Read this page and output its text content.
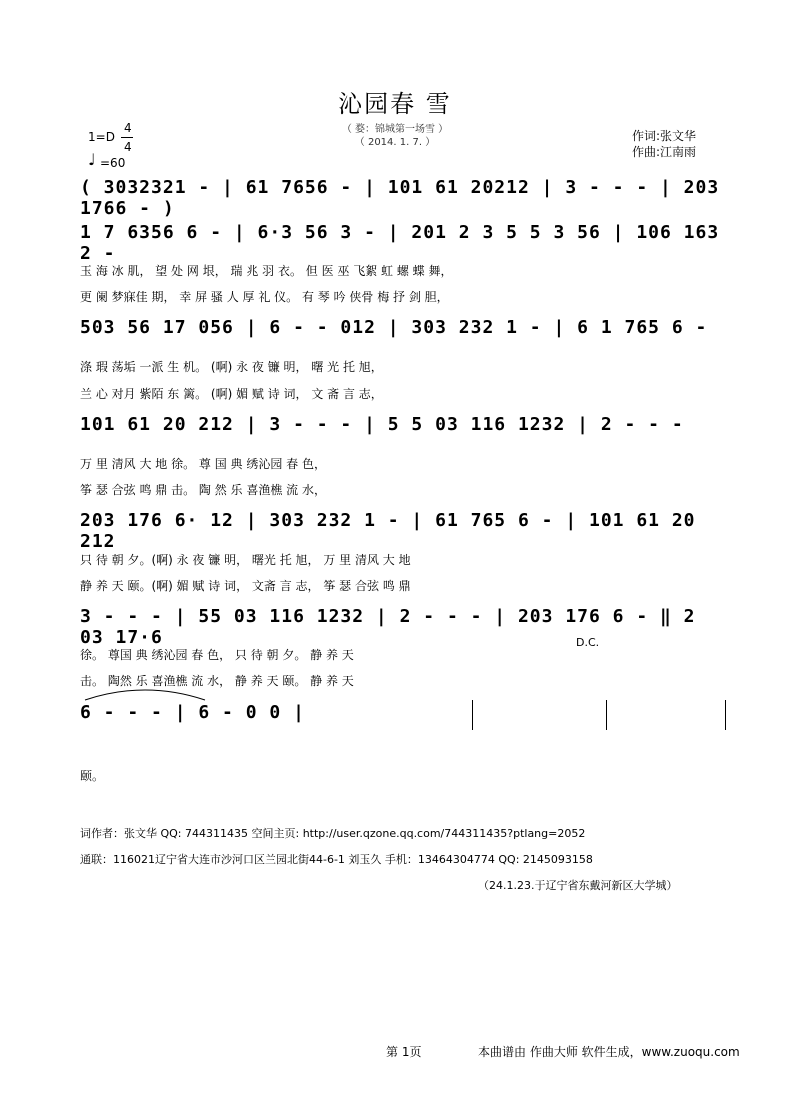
沁园春 雪
（ 婺：锦城第一场雪 ）
（ 2014. 1. 7. ）
1=D
4
4
♩ =60
作词:张文华
作曲:江南雨
( 3032321 - | 61 7656 - | 101 61 20212 | 3 - - - | 203 1766 - )
1 7 6356 6 - | 6·3 56 3 - | 201 2 3 5 5 3 56 | 106 163 2 -
玉 海 冰 肌， 望 处 网 垠， 瑞 兆 羽 衣。 但 医 巫 飞絮 虹 螺 蝶 舞，
更 阑 梦寐佳 期， 幸 屏 骚 人 厚 礼 仪。 有 琴 吟 侠骨 梅 抒 剑 胆，
503 56 17 056 | 6 - - 012 | 303 232 1 - | 6 1 765 6 -
涤 瑕 荡垢 一派 生 机。 (啊) 永 夜 镰 明， 曙 光 托 旭，
兰 心 对月 紫陌 东 篱。 (啊) 媚 赋 诗 词， 文 斋 言 志，
101 61 20 212 | 3 - - - | 5 5 03 116 1232 | 2 - - -
万 里 清风 大 地 徐。 尊 国 典 绣沁园 春 色，
筝 瑟 合弦 鸣 鼎 击。 陶 然 乐 喜渔樵 流 水，
203 176 6· 12 | 303 232 1 - | 61 765 6 - | 101 61 20 212
只 待 朝 夕。(啊) 永 夜 镰 明， 曙光 托 旭， 万 里 清风 大 地
静 养 天 颐。(啊) 媚 赋 诗 词， 文斋 言 志， 筝 瑟 合弦 鸣 鼎
3 - - - | 55 03 116 1232 | 2 - - - | 203 176 6 - ‖ 2 03 17·6	D.C.
徐。 尊国 典 绣沁园 春 色， 只 待 朝 夕。 静 养 天
击。 陶然 乐 喜渔樵 流 水， 静 养 天 颐。 静 养 天
6 - - - | 6 - 0 0 |
颐。
词作者：张文华 QQ: 744311435 空间主页: http://user.qzone.qq.com/744311435?ptlang=2052
通联：116021辽宁省大连市沙河口区兰园北街44-6-1 刘玉久 手机：13464304774 QQ: 2145093158
（24.1.23.于辽宁省东戴河新区大学城）
第 1页	本曲谱由 作曲大师 软件生成，www.zuoqu.com
